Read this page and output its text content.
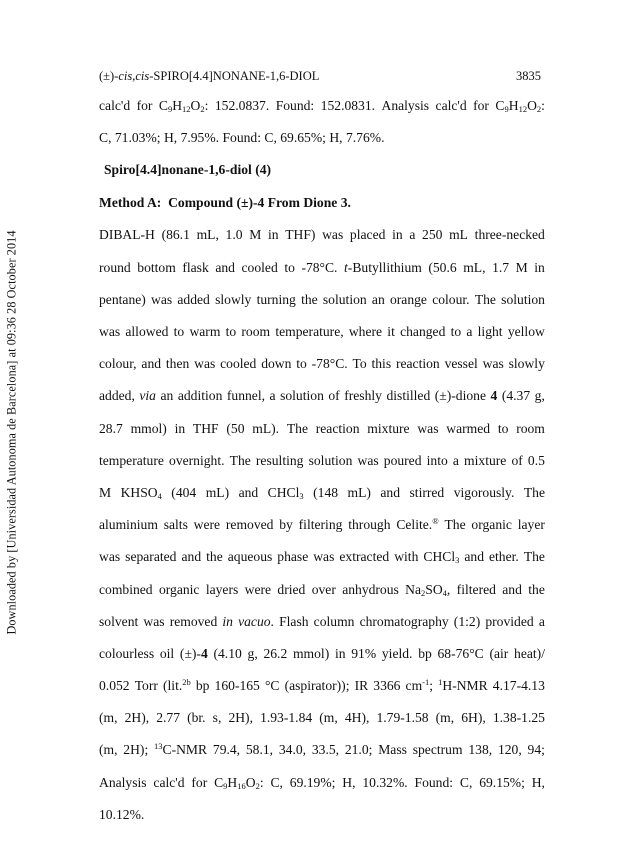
Downloaded by [Universidad Autonoma de Barcelona] at 09:36 28 October 2014
(±)-cis,cis-SPIRO[4.4]NONANE-1,6-DIOL	3835
calc'd for $C_9H_{12}O_2$: 152.0837. Found: 152.0831. Analysis calc'd for $C_9H_{12}O_2$:
C, 71.03%; H, 7.95%. Found: C, 69.65%; H, 7.76%.
Spiro[4.4]nonane-1,6-diol (4)
Method A:  Compound (±)-4 From Dione 3.
DIBAL-H (86.1 mL, 1.0 M in THF) was placed in a 250 mL three-necked
round bottom flask and cooled to -78°C. t-Butyllithium (50.6 mL, 1.7 M in
pentane) was added slowly turning the solution an orange colour. The solution
was allowed to warm to room temperature, where it changed to a light yellow
colour, and then was cooled down to -78°C. To this reaction vessel was slowly
added, via an addition funnel, a solution of freshly distilled (±)-dione 4 (4.37 g,
28.7 mmol) in THF (50 mL). The reaction mixture was warmed to room
temperature overnight. The resulting solution was poured into a mixture of 0.5
M $KHSO_4$ (404 mL) and CHCl$_3$ (148 mL) and stirred vigorously. The
aluminium salts were removed by filtering through Celite.® The organic layer
was separated and the aqueous phase was extracted with CHCl$_3$ and ether. The
combined organic layers were dried over anhydrous $Na_2SO_4$, filtered and the
solvent was removed in vacuo. Flash column chromatography (1:2) provided a
colourless oil (±)-4 (4.10 g, 26.2 mmol) in 91% yield. bp 68-76°C (air heat)/
0.052 Torr (lit.$^{2b}$ bp 160-165 °C (aspirator)); IR 3366 $cm^{-1}$; $^1$H-NMR 4.17-4.13
(m, 2H), 2.77 (br. s, 2H), 1.93-1.84 (m, 4H), 1.79-1.58 (m, 6H), 1.38-1.25
(m, 2H); $^{13}$C-NMR 79.4, 58.1, 34.0, 33.5, 21.0; Mass spectrum 138, 120, 94;
Analysis calc'd for $C_9H_{16}O_2$: C, 69.19%; H, 10.32%. Found: C, 69.15%; H,
10.12%.
